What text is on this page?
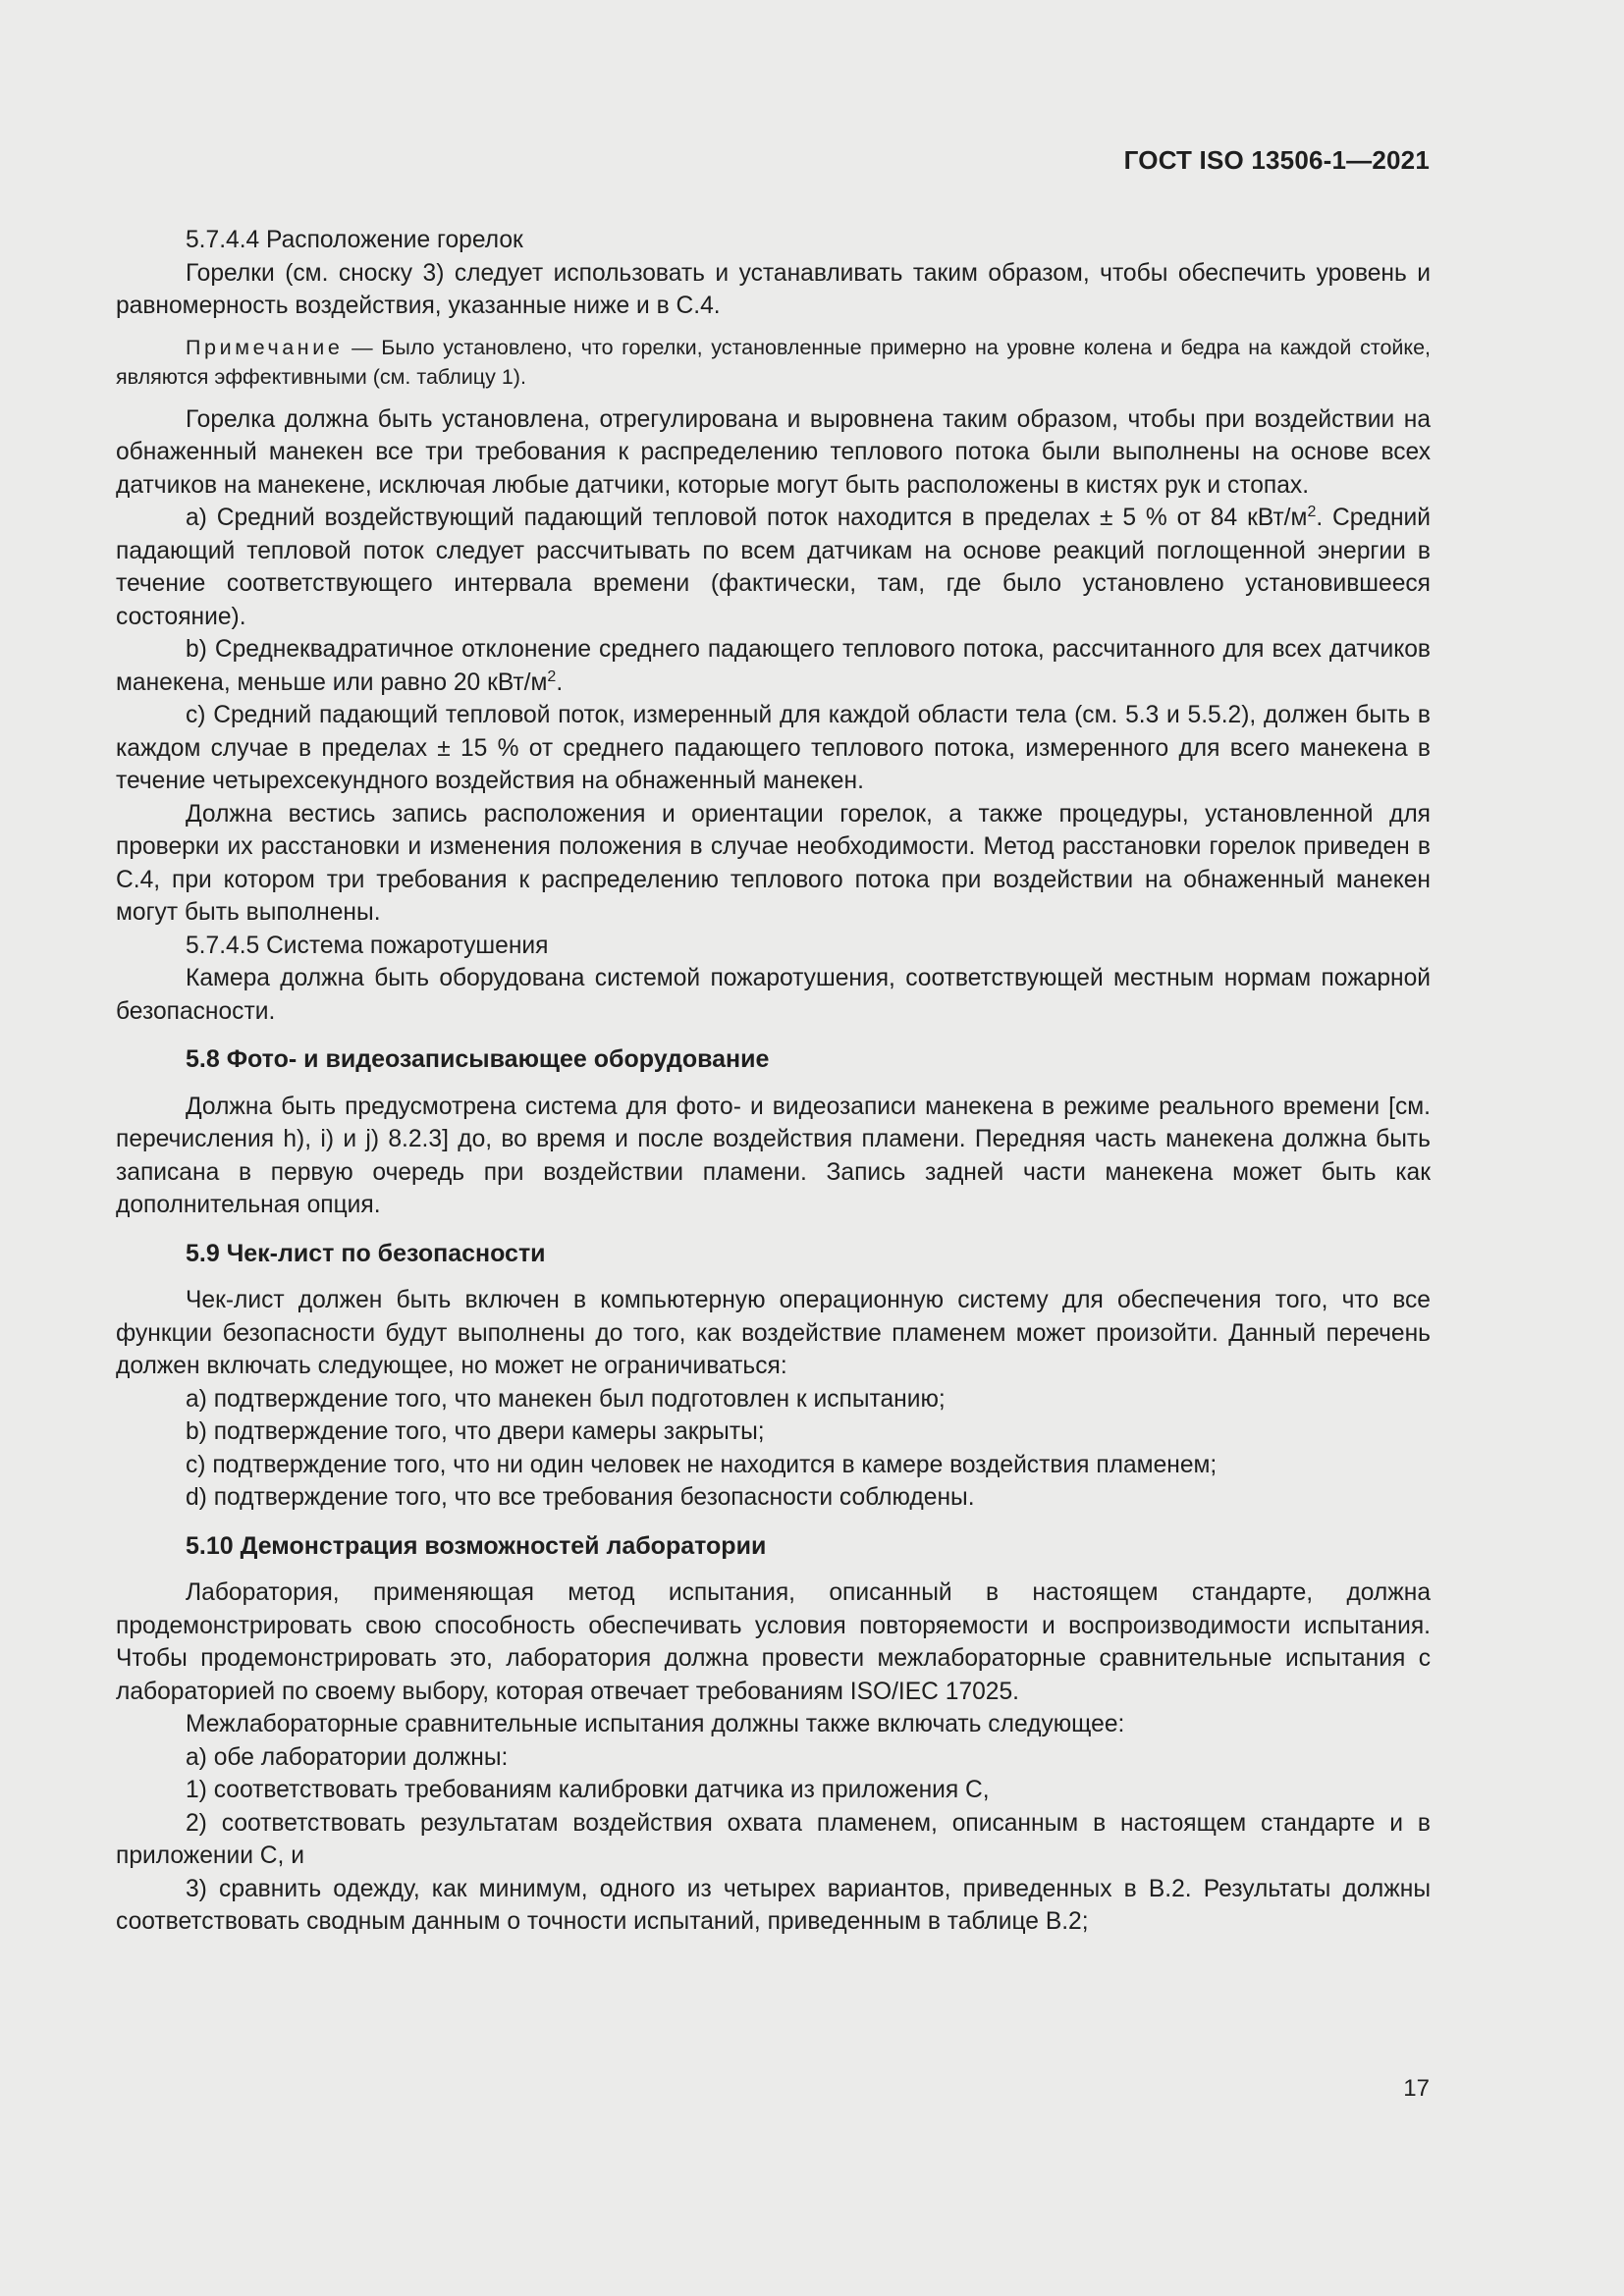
ГОСТ ISO 13506-1—2021

5.7.4.4 Расположение горелок

Горелки (см. сноску 3) следует использовать и устанавливать таким образом, чтобы обеспечить уровень и равномерность воздействия, указанные ниже и в С.4.

Примечание — Было установлено, что горелки, установленные примерно на уровне колена и бедра на каждой стойке, являются эффективными (см. таблицу 1).

Горелка должна быть установлена, отрегулирована и выровнена таким образом, чтобы при воздействии на обнаженный манекен все три требования к распределению теплового потока были выполнены на основе всех датчиков на манекене, исключая любые датчики, которые могут быть расположены в кистях рук и стопах.

a) Средний воздействующий падающий тепловой поток находится в пределах ± 5 % от 84 кВт/$м^2$. Средний падающий тепловой поток следует рассчитывать по всем датчикам на основе реакций поглощенной энергии в течение соответствующего интервала времени (фактически, там, где было установлено установившееся состояние).

b) Среднеквадратичное отклонение среднего падающего теплового потока, рассчитанного для всех датчиков манекена, меньше или равно 20 кВт/$м^2$.

c) Средний падающий тепловой поток, измеренный для каждой области тела (см. 5.3 и 5.5.2), должен быть в каждом случае в пределах ± 15 % от среднего падающего теплового потока, измеренного для всего манекена в течение четырехсекундного воздействия на обнаженный манекен.

Должна вестись запись расположения и ориентации горелок, а также процедуры, установленной для проверки их расстановки и изменения положения в случае необходимости. Метод расстановки горелок приведен в С.4, при котором три требования к распределению теплового потока при воздействии на обнаженный манекен могут быть выполнены.

5.7.4.5 Система пожаротушения

Камера должна быть оборудована системой пожаротушения, соответствующей местным нормам пожарной безопасности.

5.8 Фото- и видеозаписывающее оборудование

Должна быть предусмотрена система для фото- и видеозаписи манекена в режиме реального времени [см. перечисления h), i) и j) 8.2.3] до, во время и после воздействия пламени. Передняя часть манекена должна быть записана в первую очередь при воздействии пламени. Запись задней части манекена может быть как дополнительная опция.

5.9 Чек-лист по безопасности

Чек-лист должен быть включен в компьютерную операционную систему для обеспечения того, что все функции безопасности будут выполнены до того, как воздействие пламенем может произойти. Данный перечень должен включать следующее, но может не ограничиваться:

a) подтверждение того, что манекен был подготовлен к испытанию;

b) подтверждение того, что двери камеры закрыты;

c) подтверждение того, что ни один человек не находится в камере воздействия пламенем;

d) подтверждение того, что все требования безопасности соблюдены.

5.10 Демонстрация возможностей лаборатории

Лаборатория, применяющая метод испытания, описанный в настоящем стандарте, должна продемонстрировать свою способность обеспечивать условия повторяемости и воспроизводимости испытания. Чтобы продемонстрировать это, лаборатория должна провести межлабораторные сравнительные испытания с лабораторией по своему выбору, которая отвечает требованиям ISO/IEC 17025.

Межлабораторные сравнительные испытания должны также включать следующее:

a) обе лаборатории должны:

1) соответствовать требованиям калибровки датчика из приложения С,

2) соответствовать результатам воздействия охвата пламенем, описанным в настоящем стандарте и в приложении С, и

3) сравнить одежду, как минимум, одного из четырех вариантов, приведенных в В.2. Результаты должны соответствовать сводным данным о точности испытаний, приведенным в таблице В.2;

17
